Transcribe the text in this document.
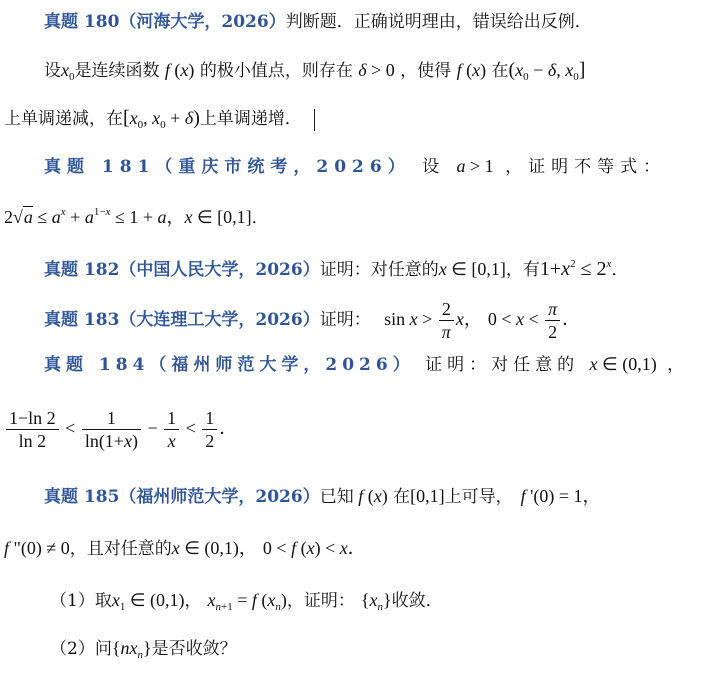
真题 180（河海大学，2026）判断题．正确说明理由，错误给出反例．
设$x_0$是连续函数 f (x) 的极小值点，则存在 δ > 0 ，使得 f (x) 在($x_0 - \delta$, $x_0$]
上单调递减，在[$x_0$, $x_0 + \delta$)上单调递增．
真题 181（重庆市统考，2026） 设 a > 1 ，证明不等式：
$2√a \le a^x + a^{1-x} \le 1 + a$，x ∈ [0,1]．
真题 182（中国人民大学，2026）证明：对任意的x ∈ [0,1]，有$1+x^2 \le 2^x$．
真题 183（大连理工大学，2026）证明： $\sin x > \frac{2}{\pi}$ x， $0 < x < \frac{\pi}{2}$ ．
真题 184（福州师范大学，2026） 证明：对任意的 x ∈ (0,1) ，
$\frac{1-\ln 2}{\ln 2} < \frac{1}{\ln(1+x)} - \frac{1}{x} < \frac{1}{2}$ ．
真题 185（福州师范大学，2026）已知 f (x) 在[0,1]上可导， f '(0) = 1，
f "(0) ≠ 0，且对任意的x ∈ (0,1)， 0 < f (x) < x．
（1）取$x_1$ ∈ (0,1)， $x_{n+1} = f$ $(x_n)$，证明： $\{x_n\}$收敛．
（2）问$\{nx_n\}$是否收敛？
